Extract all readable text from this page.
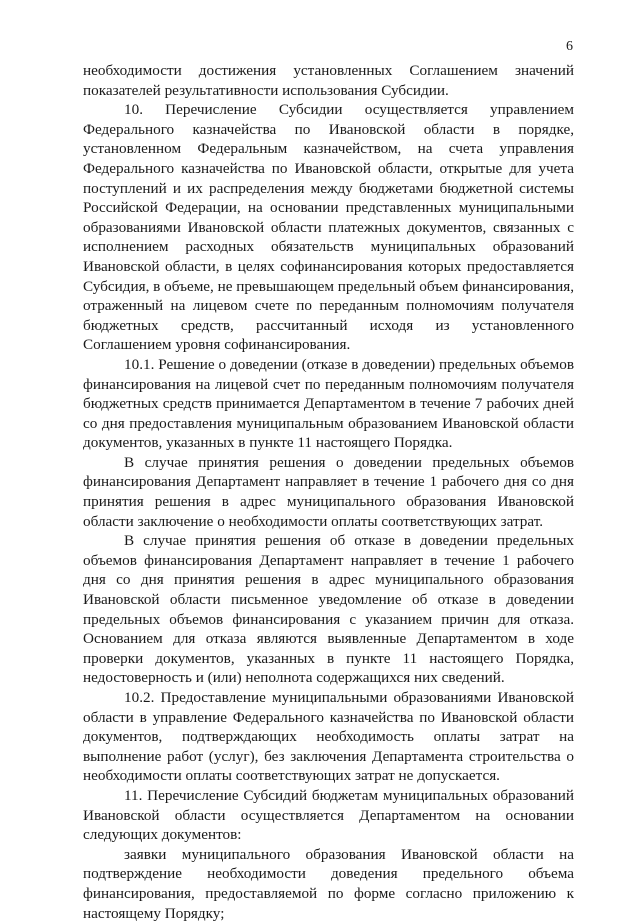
6

необходимости достижения установленных Соглашением значений показателей результативности использования Субсидии.

10. Перечисление Субсидии осуществляется управлением Федерального казначейства по Ивановской области в порядке, установленном Федеральным казначейством, на счета управления Федерального казначейства по Ивановской области, открытые для учета поступлений и их распределения между бюджетами бюджетной системы Российской Федерации, на основании представленных муниципальными образованиями Ивановской области платежных документов, связанных с исполнением расходных обязательств муниципальных образований Ивановской области, в целях софинансирования которых предоставляется Субсидия, в объеме, не превышающем предельный объем финансирования, отраженный на лицевом счете по переданным полномочиям получателя бюджетных средств, рассчитанный исходя из установленного Соглашением уровня софинансирования.

10.1. Решение о доведении (отказе в доведении) предельных объемов финансирования на лицевой счет по переданным полномочиям получателя бюджетных средств принимается Департаментом в течение 7 рабочих дней со дня предоставления муниципальным образованием Ивановской области документов, указанных в пункте 11 настоящего Порядка.

В случае принятия решения о доведении предельных объемов финансирования Департамент направляет в течение 1 рабочего дня со дня принятия решения в адрес муниципального образования Ивановской области заключение о необходимости оплаты соответствующих затрат.

В случае принятия решения об отказе в доведении предельных объемов финансирования Департамент направляет в течение 1 рабочего дня со дня принятия решения в адрес муниципального образования Ивановской области письменное уведомление об отказе в доведении предельных объемов финансирования с указанием причин для отказа. Основанием для отказа являются выявленные Департаментом в ходе проверки документов, указанных в пункте 11 настоящего Порядка, недостоверность и (или) неполнота содержащихся них сведений.

10.2. Предоставление муниципальными образованиями Ивановской области в управление Федерального казначейства по Ивановской области документов, подтверждающих необходимость оплаты затрат на выполнение работ (услуг), без заключения Департамента строительства о необходимости оплаты соответствующих затрат не допускается.

11. Перечисление Субсидий бюджетам муниципальных образований Ивановской области осуществляется Департаментом на основании следующих документов:

заявки муниципального образования Ивановской области на подтверждение необходимости доведения предельного объема финансирования, предоставляемой по форме согласно приложению к настоящему Порядку;
